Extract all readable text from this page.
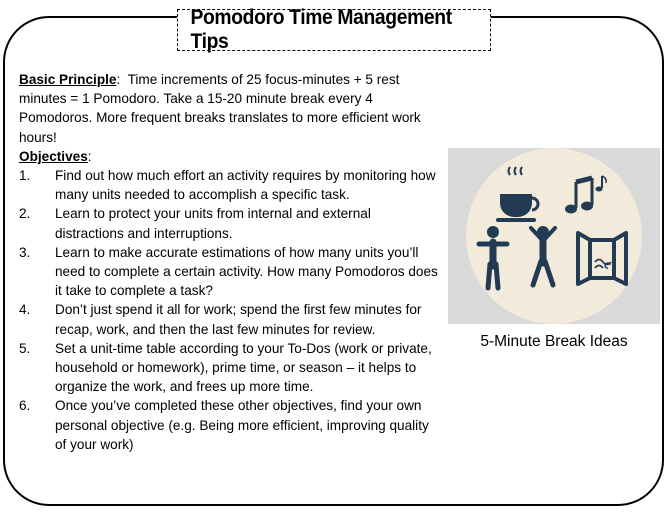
Pomodoro Time Management Tips

Basic Principle:  Time increments of 25 focus-minutes + 5 rest minutes = 1 Pomodoro. Take a 15-20 minute break every 4 Pomodoros. More frequent breaks translates to more efficient work hours!

Objectives:

1.	Find out how much effort an activity requires by monitoring how many units needed to accomplish a specific task.
2.	Learn to protect your units from internal and external distractions and interruptions.
3.	Learn to make accurate estimations of how many units you’ll need to complete a certain activity. How many Pomodoros does it take to complete a task?
4.	Don’t just spend it all for work; spend the first few minutes for recap, work, and then the last few minutes for review.
5.	Set a unit-time table according to your To-Dos (work or private, household or homework), prime time, or season – it helps to organize the work, and frees up more time.
6.	Once you’ve completed these other objectives, find your own personal objective (e.g. Being more efficient, improving quality of your work)
5-Minute Break Ideas
